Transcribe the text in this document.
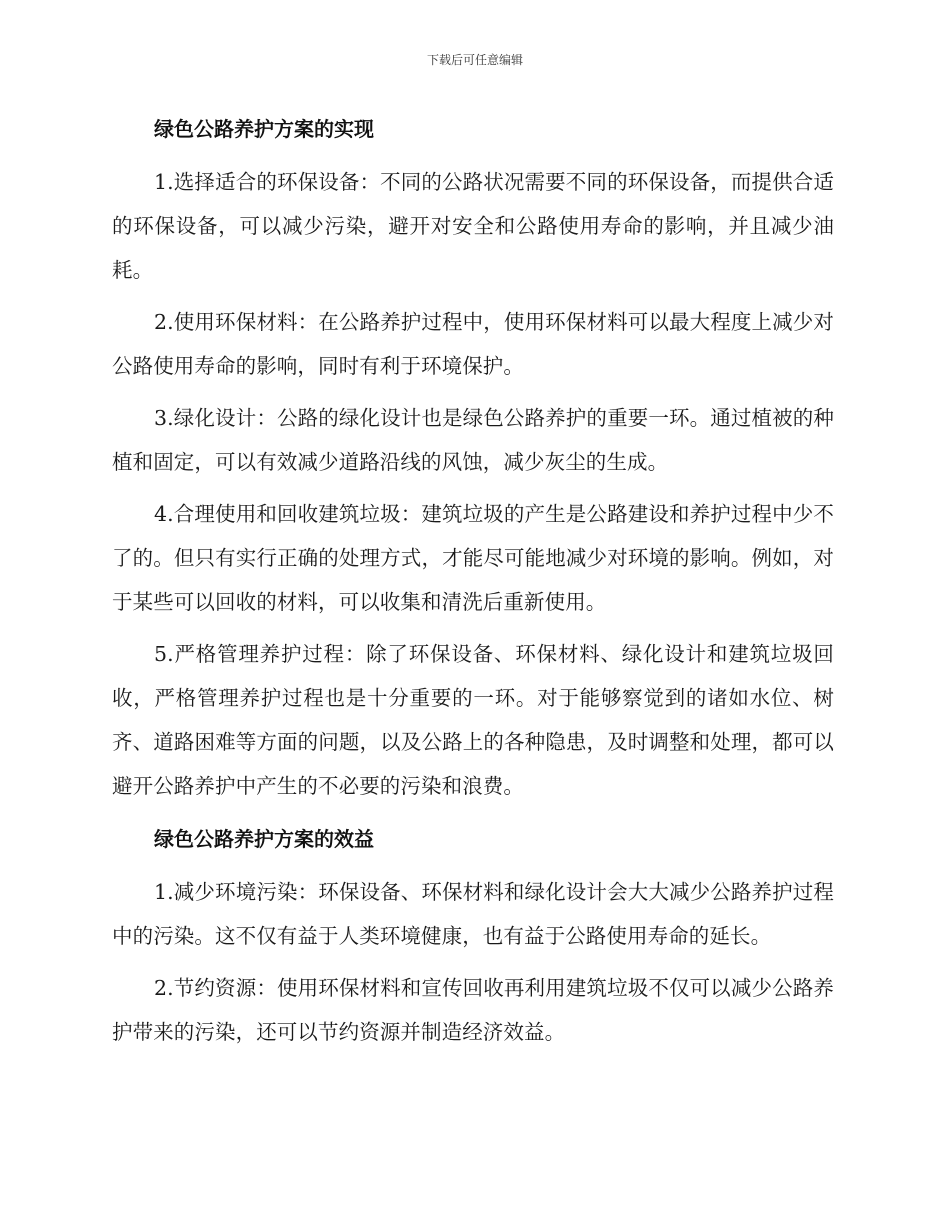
下载后可任意编辑
绿色公路养护方案的实现

1.选择适合的环保设备：不同的公路状况需要不同的环保设备，而提供合适的环保设备，可以减少污染，避开对安全和公路使用寿命的影响，并且减少油耗。

2.使用环保材料：在公路养护过程中，使用环保材料可以最大程度上减少对公路使用寿命的影响，同时有利于环境保护。

3.绿化设计：公路的绿化设计也是绿色公路养护的重要一环。通过植被的种植和固定，可以有效减少道路沿线的风蚀，减少灰尘的生成。

4.合理使用和回收建筑垃圾：建筑垃圾的产生是公路建设和养护过程中少不了的。但只有实行正确的处理方式，才能尽可能地减少对环境的影响。例如，对于某些可以回收的材料，可以收集和清洗后重新使用。

5.严格管理养护过程：除了环保设备、环保材料、绿化设计和建筑垃圾回收，严格管理养护过程也是十分重要的一环。对于能够察觉到的诸如水位、树齐、道路困难等方面的问题，以及公路上的各种隐患，及时调整和处理，都可以避开公路养护中产生的不必要的污染和浪费。

绿色公路养护方案的效益

1.减少环境污染：环保设备、环保材料和绿化设计会大大减少公路养护过程中的污染。这不仅有益于人类环境健康，也有益于公路使用寿命的延长。

2.节约资源：使用环保材料和宣传回收再利用建筑垃圾不仅可以减少公路养护带来的污染，还可以节约资源并制造经济效益。
